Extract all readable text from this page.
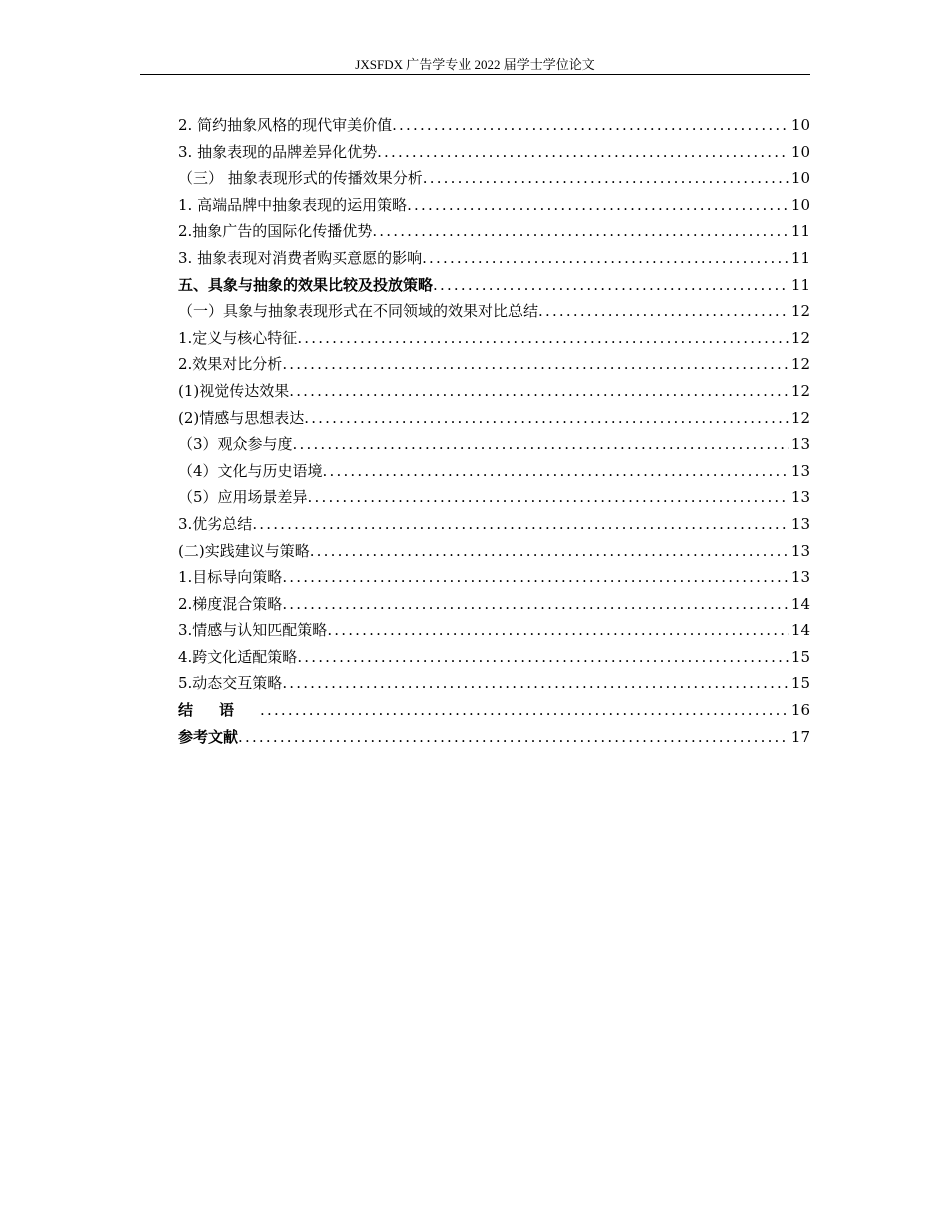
JXSFDX 广告学专业 2022 届学士学位论文
2. 简约抽象风格的现代审美价值 .....	10
3. 抽象表现的品牌差异化优势 .....	10
（三） 抽象表现形式的传播效果分析 .....	10
1. 高端品牌中抽象表现的运用策略 .....	10
2.抽象广告的国际化传播优势 .....	11
3. 抽象表现对消费者购买意愿的影响 .....	11
五、具象与抽象的效果比较及投放策略 .....	11
（一）具象与抽象表现形式在不同领域的效果对比总结 .....	12
1.定义与核心特征 .....	12
2.效果对比分析 .....	12
(1)视觉传达效果 .....	12
(2)情感与思想表达 .....	12
（3）观众参与度 .....	13
（4）文化与历史语境 .....	13
（5）应用场景差异 .....	13
3.优劣总结 .....	13
(二)实践建议与策略 .....	13
1.目标导向策略 .....	13
2.梯度混合策略 .....	14
3.情感与认知匹配策略 .....	14
4.跨文化适配策略 .....	15
5.动态交互策略 .....	15
结语 .....	16
参考文献 .....	17
